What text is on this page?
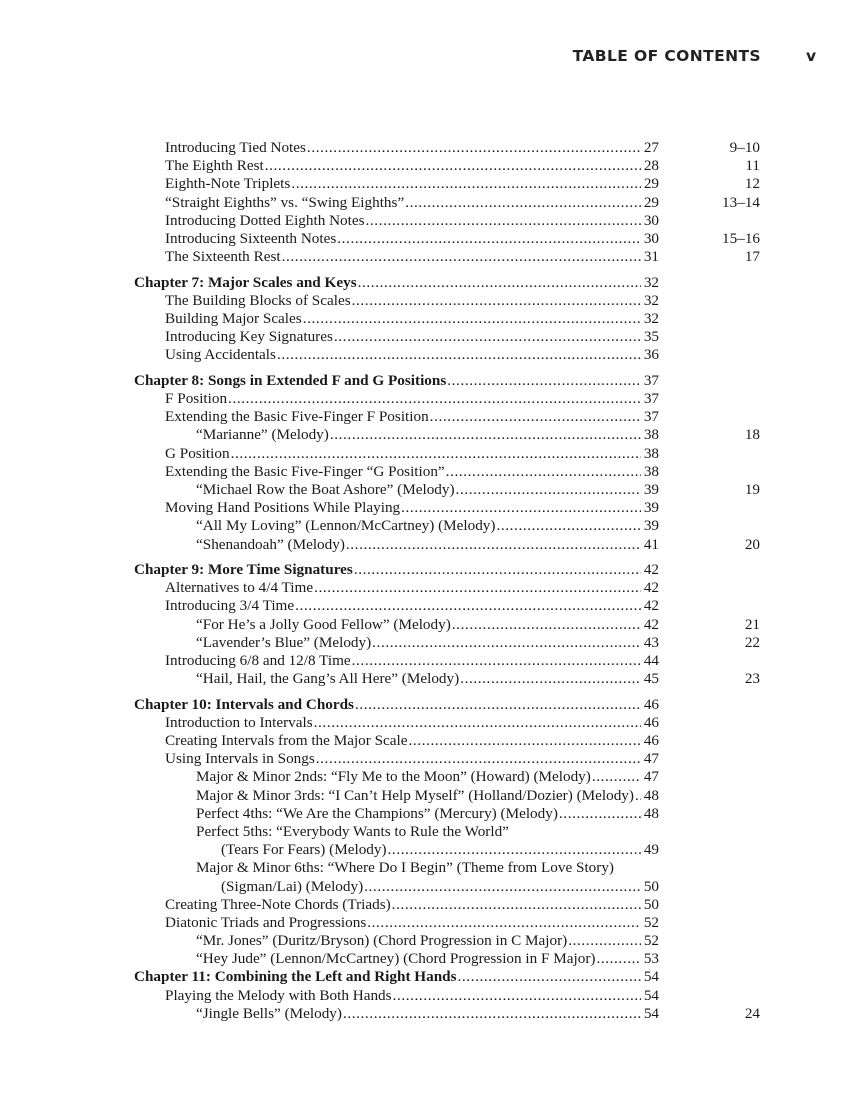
TABLE OF CONTENTS	v
Introducing Tied Notes .....	27	9–10
The Eighth Rest .....	28	11
Eighth-Note Triplets .....	29	12
“Straight Eighths” vs. “Swing Eighths” .....	29	13–14
Introducing Dotted Eighth Notes .....	30
Introducing Sixteenth Notes .....	30	15–16
The Sixteenth Rest .....	31	17
Chapter 7: Major Scales and Keys .....	32
The Building Blocks of Scales .....	32
Building Major Scales .....	32
Introducing Key Signatures .....	35
Using Accidentals .....	36
Chapter 8: Songs in Extended F and G Positions .....	37
F Position .....	37
Extending the Basic Five-Finger F Position .....	37
“Marianne” (Melody) .....	38	18
G Position .....	38
Extending the Basic Five-Finger “G Position” .....	38
“Michael Row the Boat Ashore” (Melody) .....	39	19
Moving Hand Positions While Playing .....	39
“All My Loving” (Lennon/McCartney) (Melody) .....	39
“Shenandoah” (Melody) .....	41	20
Chapter 9: More Time Signatures .....	42
Alternatives to 4/4 Time .....	42
Introducing 3/4 Time .....	42
“For He’s a Jolly Good Fellow” (Melody) .....	42	21
“Lavender’s Blue” (Melody) .....	43	22
Introducing 6/8 and 12/8 Time .....	44
“Hail, Hail, the Gang’s All Here” (Melody) .....	45	23
Chapter 10: Intervals and Chords .....	46
Introduction to Intervals .....	46
Creating Intervals from the Major Scale .....	46
Using Intervals in Songs .....	47
Major & Minor 2nds: “Fly Me to the Moon” (Howard) (Melody) .....	47
Major & Minor 3rds: “I Can’t Help Myself” (Holland/Dozier) (Melody) ..... 48
Perfect 4ths: “We Are the Champions” (Mercury) (Melody) .....	48
Perfect 5ths: “Everybody Wants to Rule the World”
(Tears For Fears) (Melody) .....	49
Major & Minor 6ths: “Where Do I Begin” (Theme from Love Story)
(Sigman/Lai) (Melody) .....	50
Creating Three-Note Chords (Triads) .....	50
Diatonic Triads and Progressions .....	52
“Mr. Jones” (Duritz/Bryson) (Chord Progression in C Major) .....	52
“Hey Jude” (Lennon/McCartney) (Chord Progression in F Major) .....	53
Chapter 11: Combining the Left and Right Hands .....	54
Playing the Melody with Both Hands .....	54
“Jingle Bells” (Melody) .....	54	24
